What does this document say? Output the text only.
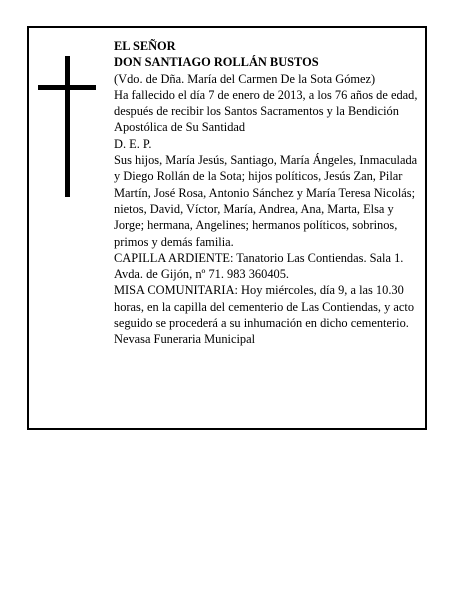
EL SEÑOR

DON SANTIAGO ROLLÁN BUSTOS

(Vdo. de Dña. María del Carmen De la Sota Gómez)

Ha fallecido el día 7 de enero de 2013, a los 76 años de edad, después de recibir los Santos Sacramentos y la Bendición Apostólica de Su Santidad

D. E. P.

Sus hijos, María Jesús, Santiago, María Ángeles, Inmaculada y Diego Rollán de la Sota; hijos políticos, Jesús Zan, Pilar Martín, José Rosa, Antonio Sánchez y María Teresa Nicolás; nietos, David, Víctor, María, Andrea, Ana, Marta, Elsa y Jorge; hermana, Angelines; hermanos políticos, sobrinos, primos y demás familia.

CAPILLA ARDIENTE: Tanatorio Las Contiendas. Sala 1. Avda. de Gijón, nº 71. 983 360405.

MISA COMUNITARIA: Hoy miércoles, día 9, a las 10.30 horas, en la capilla del cementerio de Las Contiendas, y acto seguido se procederá a su inhumación en dicho cementerio.

Nevasa Funeraria Municipal
